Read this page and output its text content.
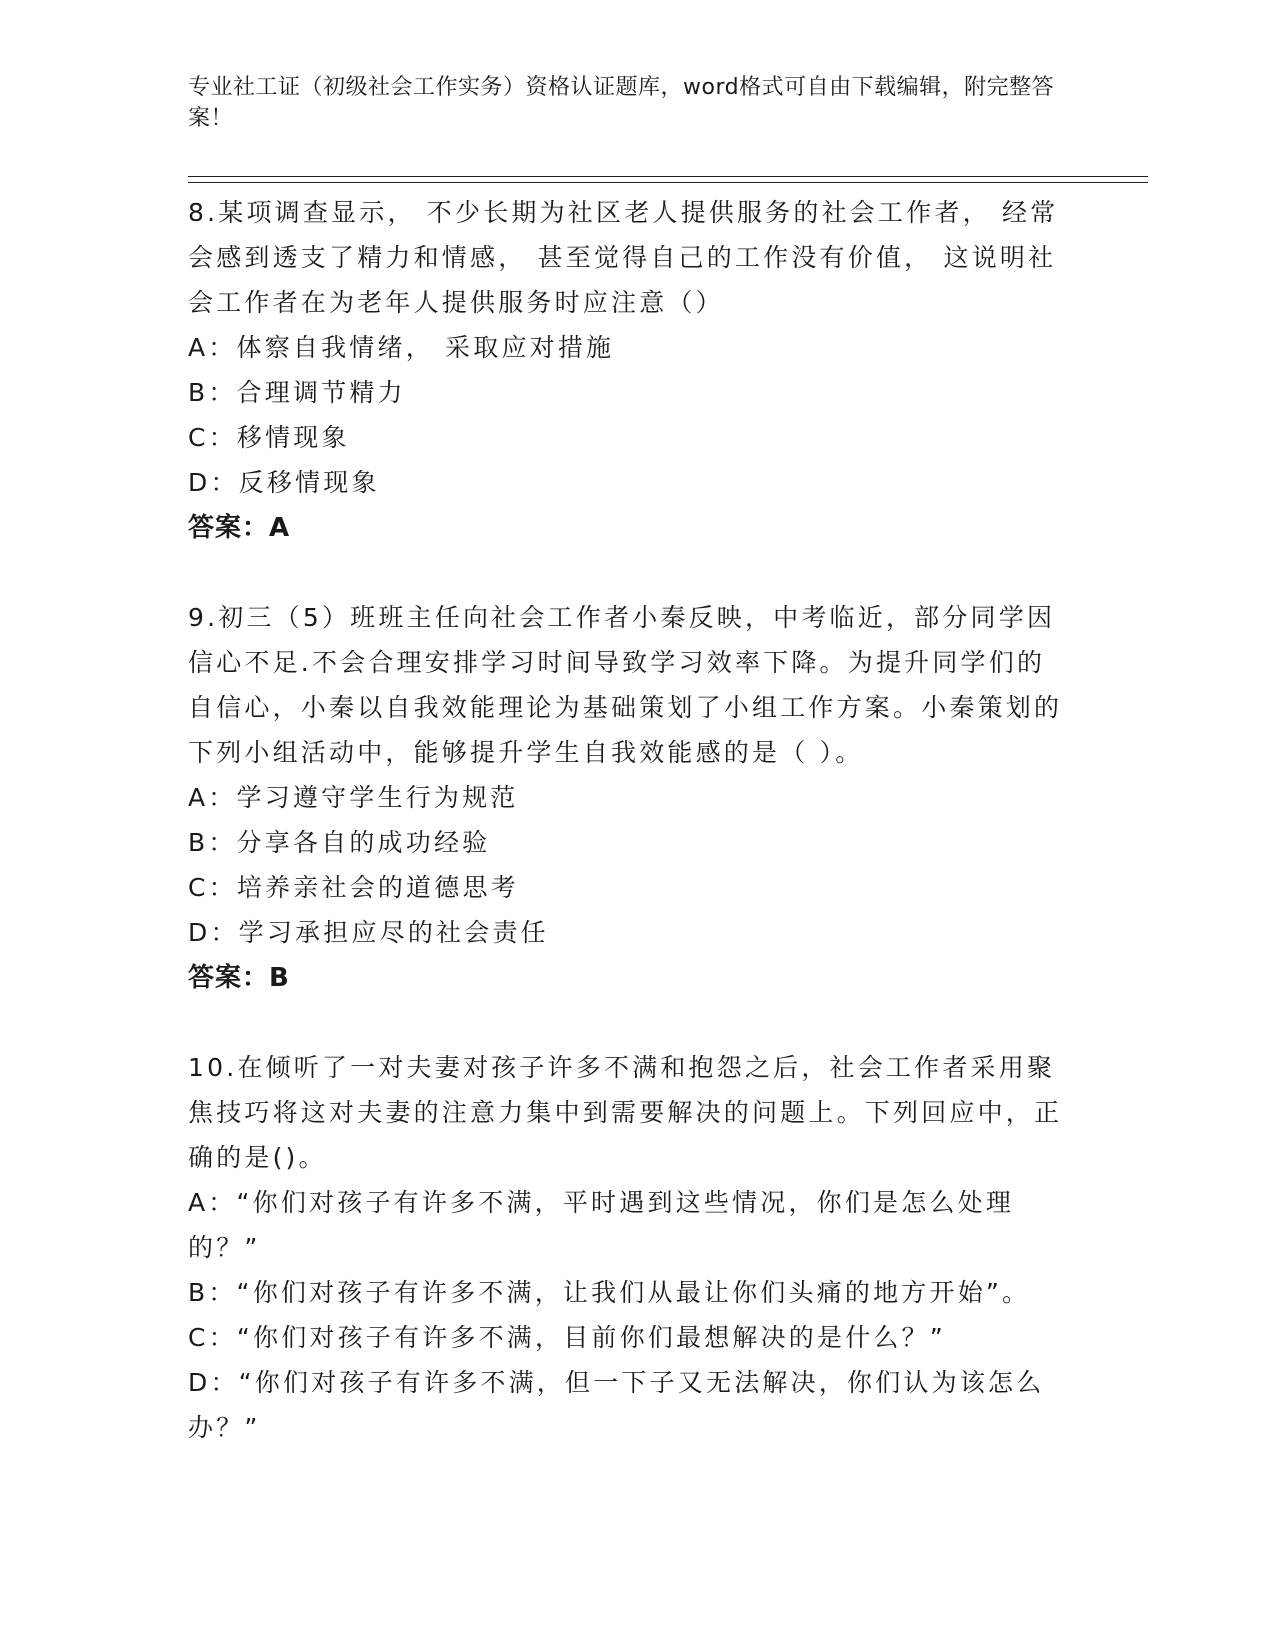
专业社工证（初级社会工作实务）资格认证题库，word格式可自由下载编辑，附完整答案！
8.某项调查显示， 不少长期为社区老人提供服务的社会工作者， 经常会感到透支了精力和情感， 甚至觉得自己的工作没有价值， 这说明社会工作者在为老年人提供服务时应注意（）
A：体察自我情绪， 采取应对措施
B：合理调节精力
C：移情现象
D：反移情现象
答案：A
9.初三（5）班班主任向社会工作者小秦反映，中考临近，部分同学因信心不足.不会合理安排学习时间导致学习效率下降。为提升同学们的自信心，小秦以自我效能理论为基础策划了小组工作方案。小秦策划的下列小组活动中，能够提升学生自我效能感的是（ ）。
A：学习遵守学生行为规范
B：分享各自的成功经验
C：培养亲社会的道德思考
D：学习承担应尽的社会责任
答案：B
10.在倾听了一对夫妻对孩子许多不满和抱怨之后，社会工作者采用聚焦技巧将这对夫妻的注意力集中到需要解决的问题上。下列回应中，正确的是()。
A：“你们对孩子有许多不满，平时遇到这些情况，你们是怎么处理的？”
B：“你们对孩子有许多不满，让我们从最让你们头痛的地方开始”。
C：“你们对孩子有许多不满，目前你们最想解决的是什么？”
D：“你们对孩子有许多不满，但一下子又无法解决，你们认为该怎么办？”
